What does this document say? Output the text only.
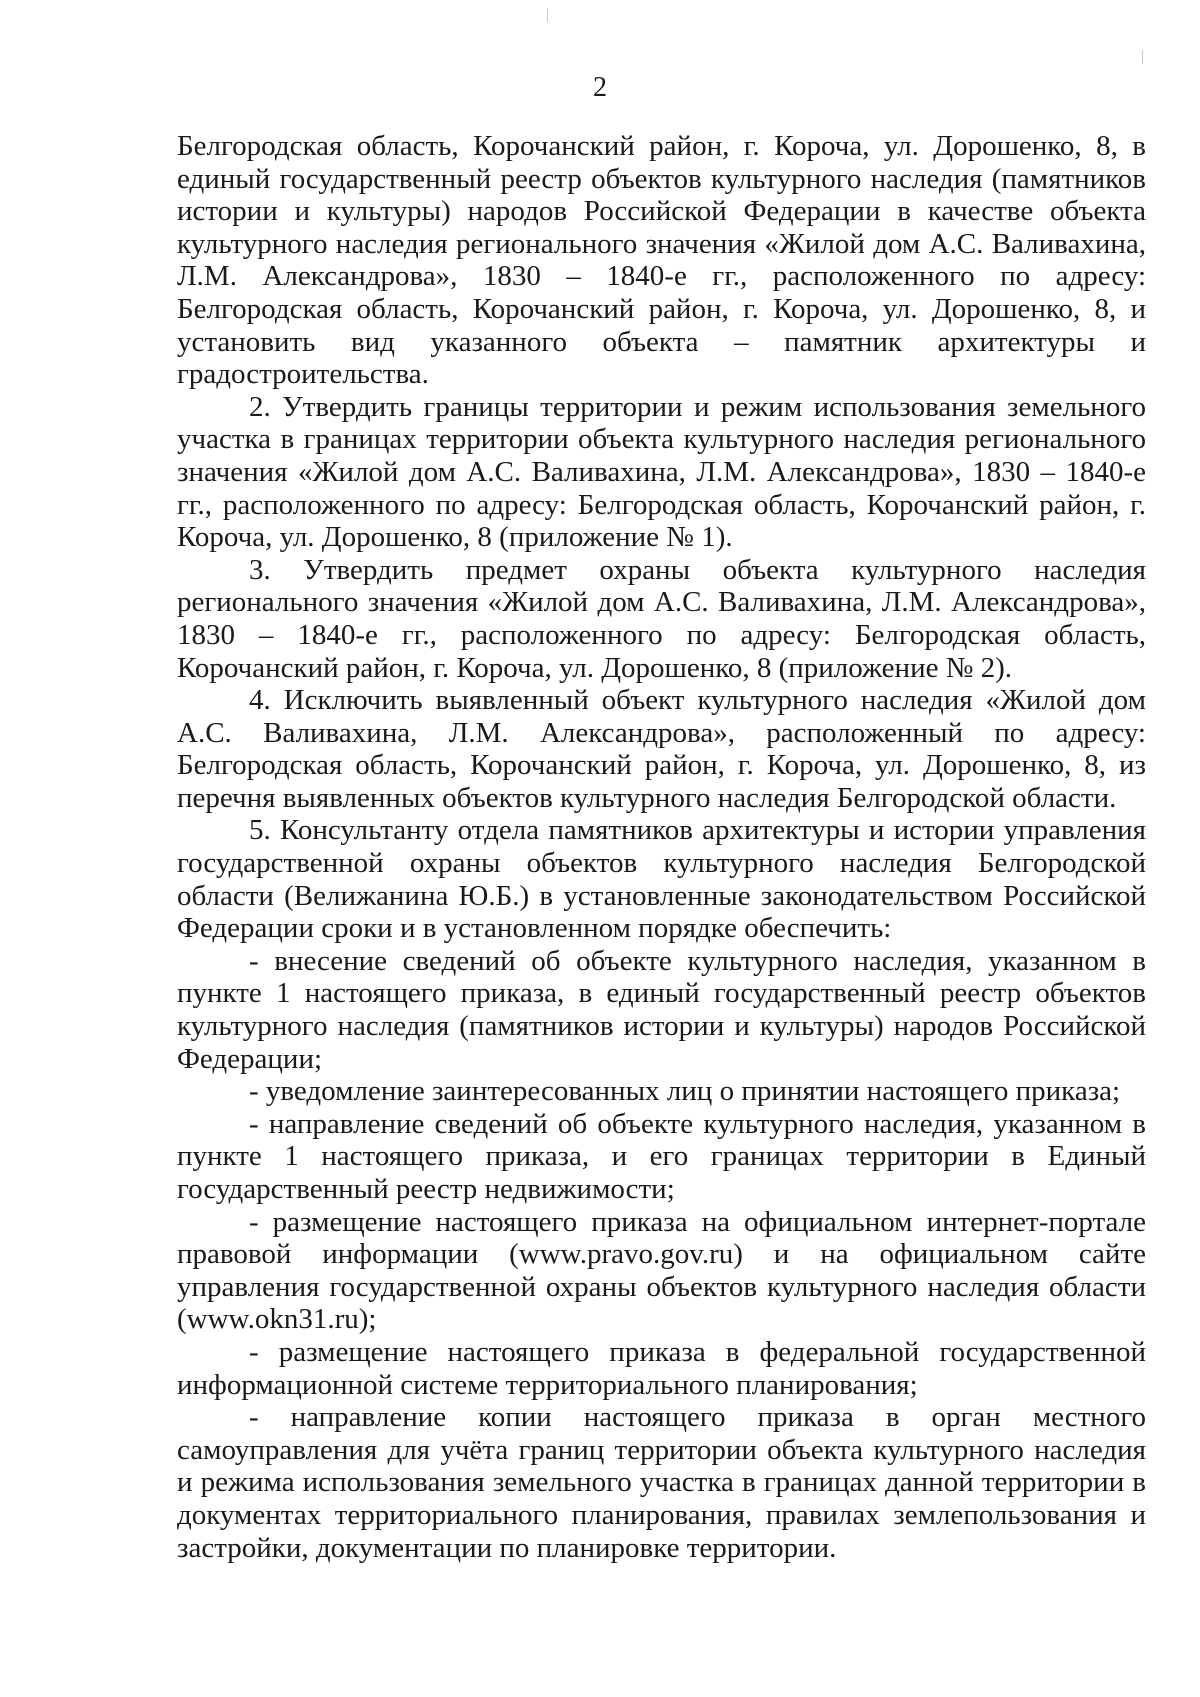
2

Белгородская область, Корочанский район, г. Короча, ул. Дорошенко, 8, в единый государственный реестр объектов культурного наследия (памятников истории и культуры) народов Российской Федерации в качестве объекта культурного наследия регионального значения «Жилой дом А.С. Валивахина, Л.М. Александрова», 1830 – 1840-е гг., расположенного по адресу: Белгородская область, Корочанский район, г. Короча, ул. Дорошенко, 8, и установить вид указанного объекта – памятник архитектуры и градостроительства.

2. Утвердить границы территории и режим использования земельного участка в границах территории объекта культурного наследия регионального значения «Жилой дом А.С. Валивахина, Л.М. Александрова», 1830 – 1840-е гг., расположенного по адресу: Белгородская область, Корочанский район, г. Короча, ул. Дорошенко, 8 (приложение № 1).

3. Утвердить предмет охраны объекта культурного наследия регионального значения «Жилой дом А.С. Валивахина, Л.М. Александрова», 1830 – 1840-е гг., расположенного по адресу: Белгородская область, Корочанский район, г. Короча, ул. Дорошенко, 8 (приложение № 2).

4. Исключить выявленный объект культурного наследия «Жилой дом А.С. Валивахина, Л.М. Александрова», расположенный по адресу: Белгородская область, Корочанский район, г. Короча, ул. Дорошенко, 8, из перечня выявленных объектов культурного наследия Белгородской области.

5. Консультанту отдела памятников архитектуры и истории управления государственной охраны объектов культурного наследия Белгородской области (Велижанина Ю.Б.) в установленные законодательством Российской Федерации сроки и в установленном порядке обеспечить:

- внесение сведений об объекте культурного наследия, указанном в пункте 1 настоящего приказа, в единый государственный реестр объектов культурного наследия (памятников истории и культуры) народов Российской Федерации;

- уведомление заинтересованных лиц о принятии настоящего приказа;

- направление сведений об объекте культурного наследия, указанном в пункте 1 настоящего приказа, и его границах территории в Единый государственный реестр недвижимости;

- размещение настоящего приказа на официальном интернет-портале правовой информации (www.pravo.gov.ru) и на официальном сайте управления государственной охраны объектов культурного наследия области (www.okn31.ru);

- размещение настоящего приказа в федеральной государственной информационной системе территориального планирования;

- направление копии настоящего приказа в орган местного самоуправления для учёта границ территории объекта культурного наследия и режима использования земельного участка в границах данной территории в документах территориального планирования, правилах землепользования и застройки, документации по планировке территории.
